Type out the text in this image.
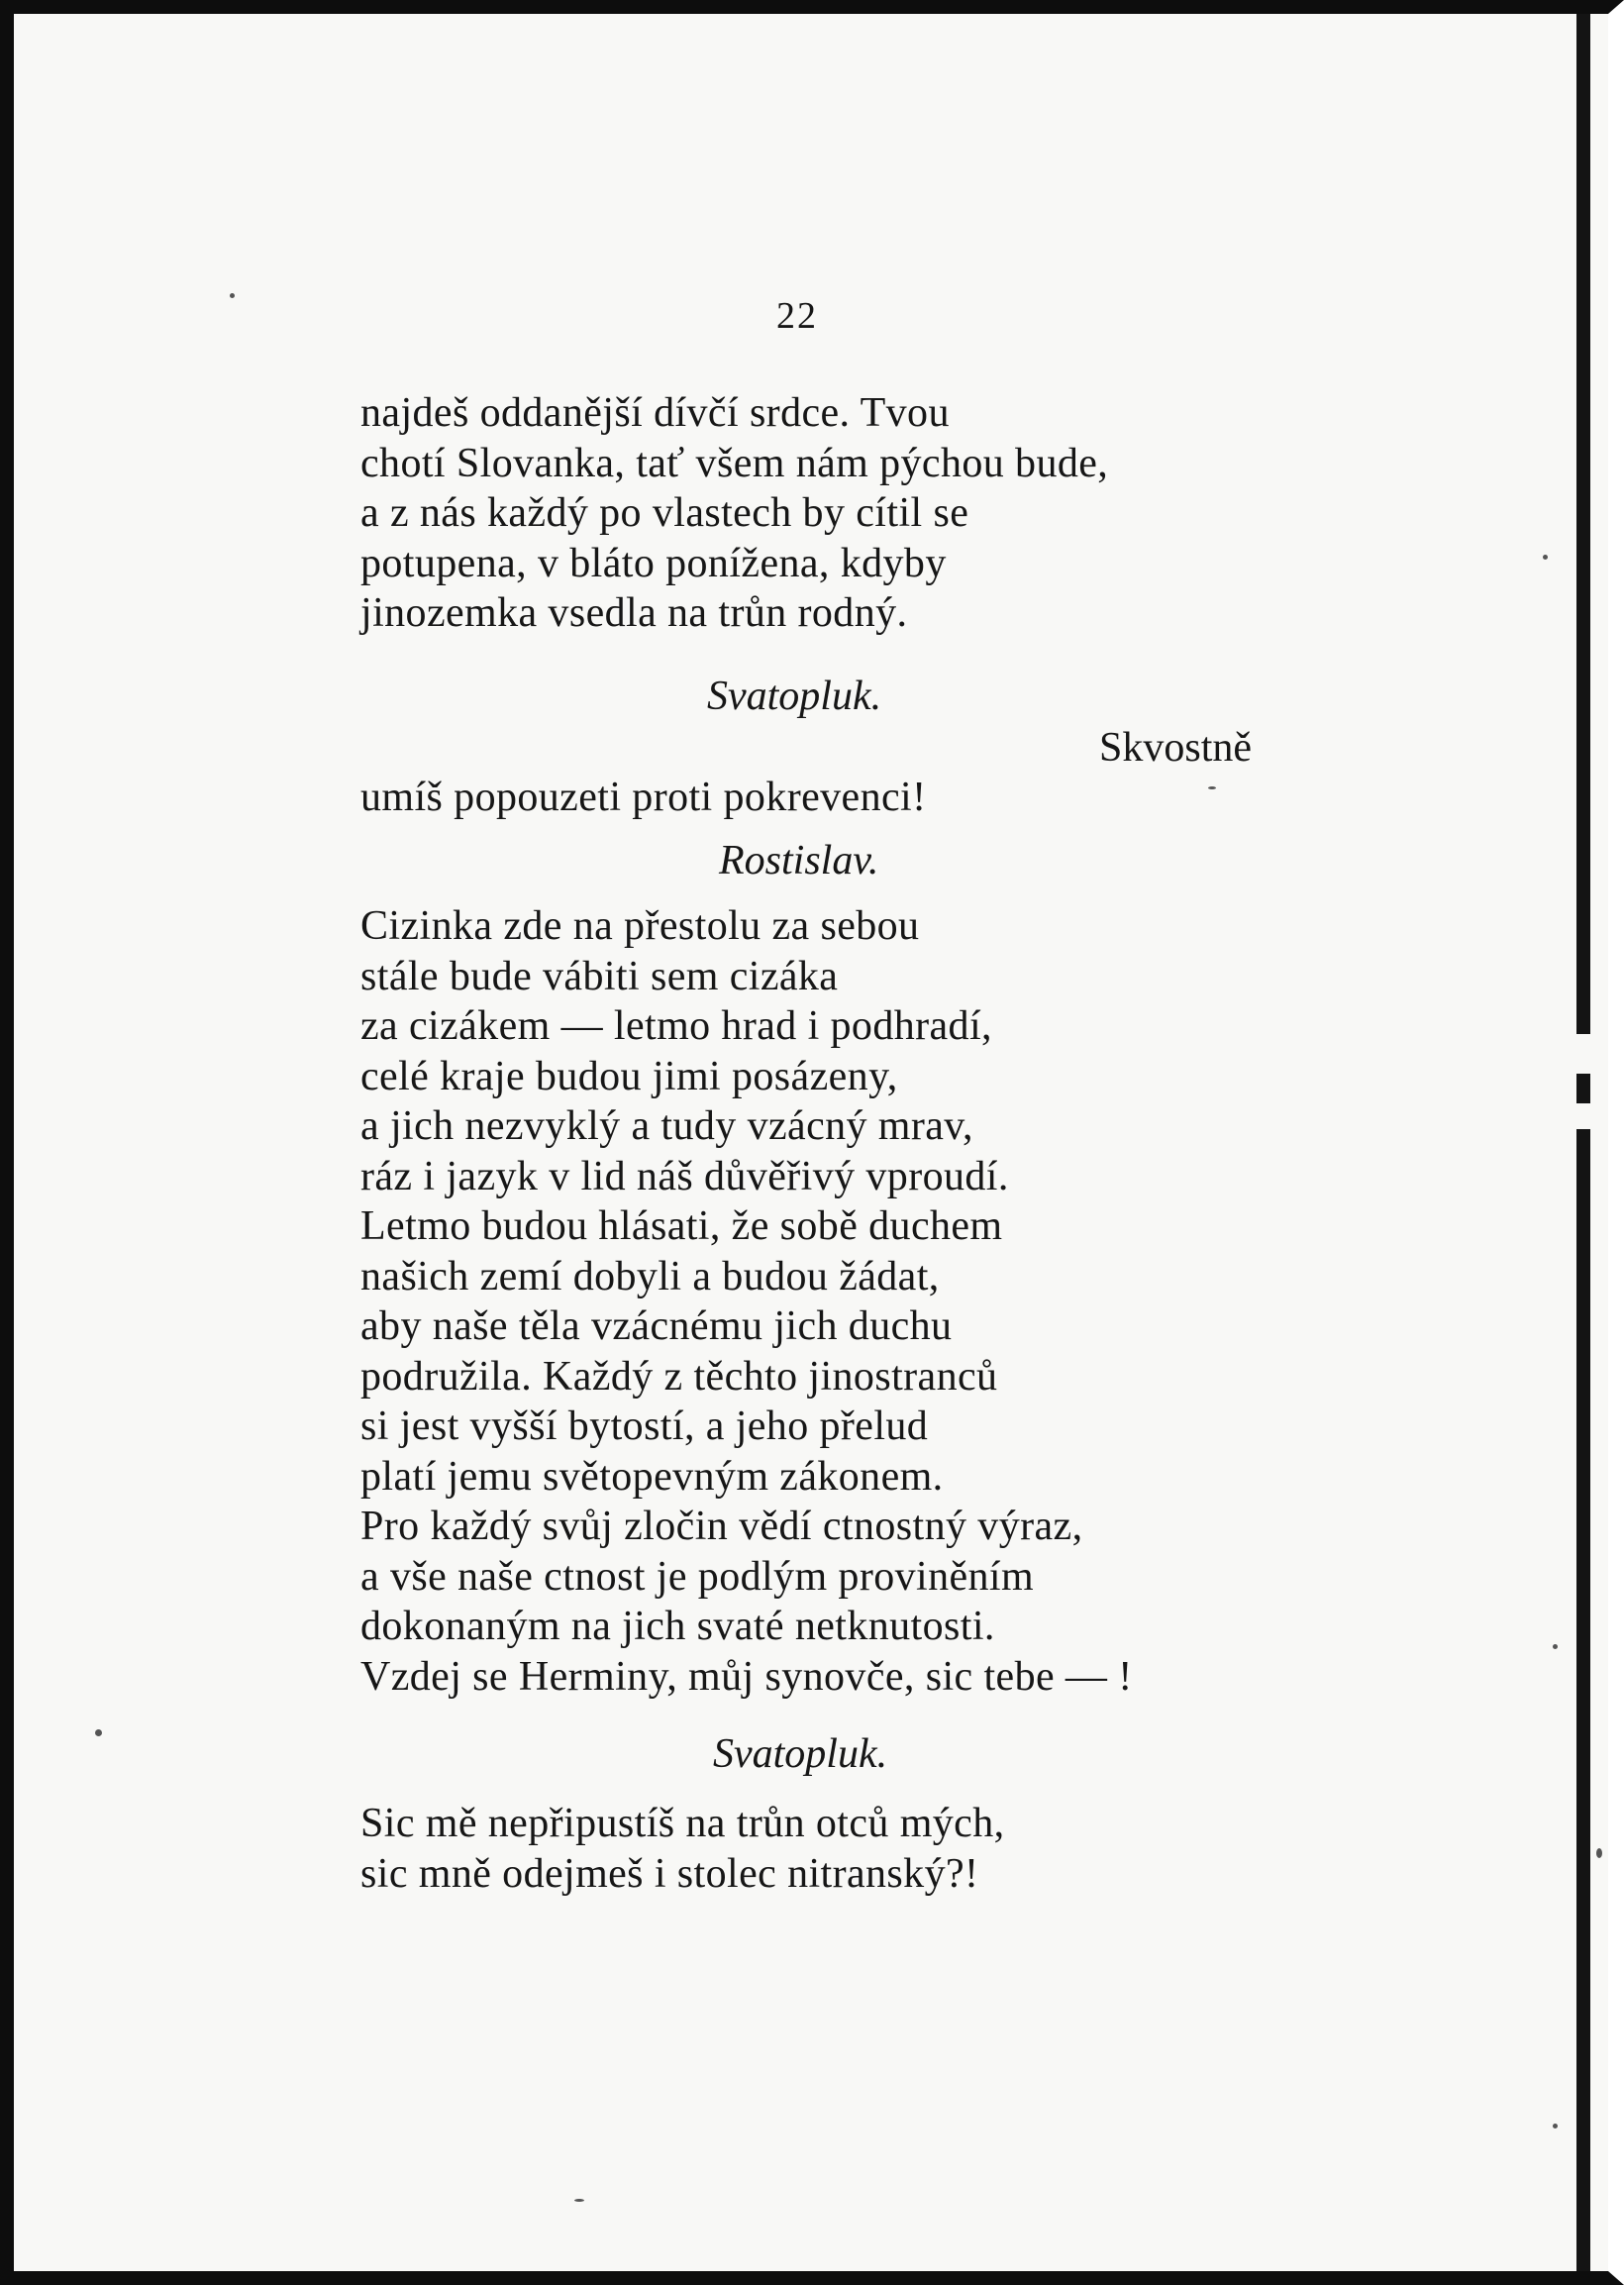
22
najdeš oddanější dívčí srdce. Tvou
chotí Slovanka, tať všem nám pýchou bude,
a z nás každý po vlastech by cítil se
potupena, v bláto ponížena, kdyby
jinozemka vsedla na trůn rodný.
Svatopluk.
Skvostně
umíš popouzeti proti pokrevenci!
Rostislav.
Cizinka zde na přestolu za sebou
stále bude vábiti sem cizáka
za cizákem — letmo hrad i podhradí,
celé kraje budou jimi posázeny,
a jich nezvyklý a tudy vzácný mrav,
ráz i jazyk v lid náš důvěřivý vproudí.
Letmo budou hlásati, že sobě duchem
našich zemí dobyli a budou žádat,
aby naše těla vzácnému jich duchu
podružila. Každý z těchto jinostranců
si jest vyšší bytostí, a jeho přelud
platí jemu světopevným zákonem.
Pro každý svůj zločin vědí ctnostný výraz,
a vše naše ctnost je podlým proviněním
dokonaným na jich svaté netknutosti.
Vzdej se Herminy, můj synovče, sic tebe — !
Svatopluk.
Sic mě nepřipustíš na trůn otců mých,
sic mně odejmeš i stolec nitranský?!
